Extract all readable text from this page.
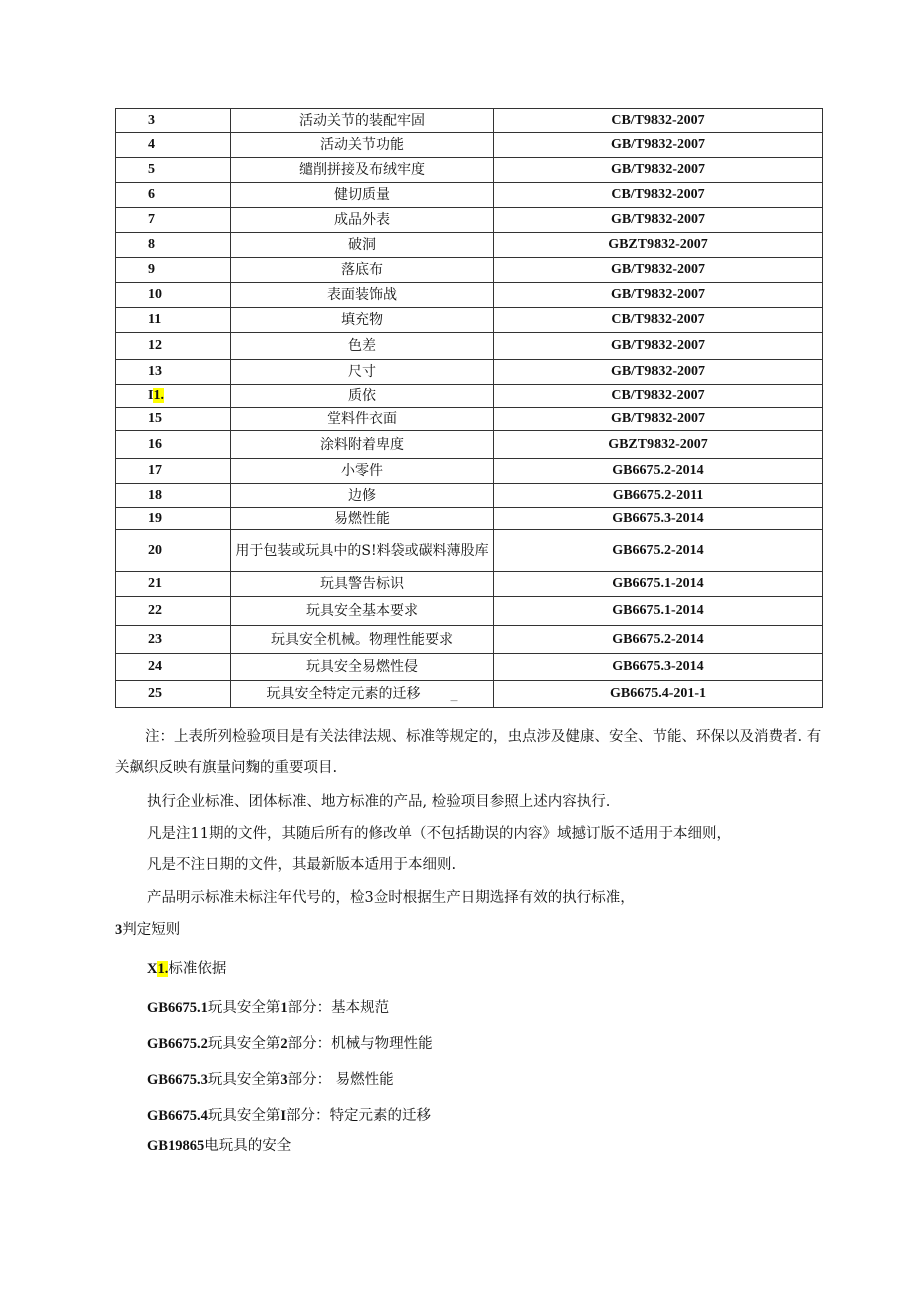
3	活动关节的装配牢固	CB/T9832-2007
4	活动关节功能	GB/T9832-2007
5	缱削拼接及布绒牢度	GB/T9832-2007
6	健切质量	CB/T9832-2007
7	成品外表	GB/T9832-2007
8	破洞	GBZT9832-2007
9	落底布	GB/T9832-2007
10	表面装饰战	GB/T9832-2007
11	填充物	CB/T9832-2007
12	色差	GB/T9832-2007
13	尺寸	GB/T9832-2007
I1.	质依	CB/T9832-2007
15	堂料件衣面	GB/T9832-2007
16	涂料附着卑度	GBZT9832-2007
17	小零件	GB6675.2-2014
18	边修	GB6675.2-2011
19	易燃性能	GB6675.3-2014
20	用于包装或玩具中的S!料袋或碳料薄股库	GB6675.2-2014
21	玩具警告标识	GB6675.1-2014
22	玩具安全基本要求	GB6675.1-2014
23	玩具安全机械。物理性能要求	GB6675.2-2014
24	玩具安全易燃性侵	GB6675.3-2014
25	玩具安全特定元素的迁移 _	GB6675.4-201-1

注：上表所列检验项目是有关法律法规、标准等规定的，虫点涉及健康、安全、节能、环保以及消费者. 有关飙织反映有旗量问麴的重要项目.

执行企业标准、团体标准、地方标准的产品, 检验项目参照上述内容执行.
凡是注11期的文件，其随后所有的修改单（不包括勘误的内容》域撼订版不适用于本细则，
凡是不注日期的文件，其最新版本适用于本细则.
产品明示标准未标注年代号的，检3佥时根据生产日期选择有效的执行标准，
3判定短则
X1.标准依据
GB6675.1玩具安全第1部分：基本规范
GB6675.2玩具安全第2部分：机械与物理性能
GB6675.3玩具安全第3部分： 易燃性能
GB6675.4玩具安全第I部分：特定元素的迁移
GB19865电玩具的安全
